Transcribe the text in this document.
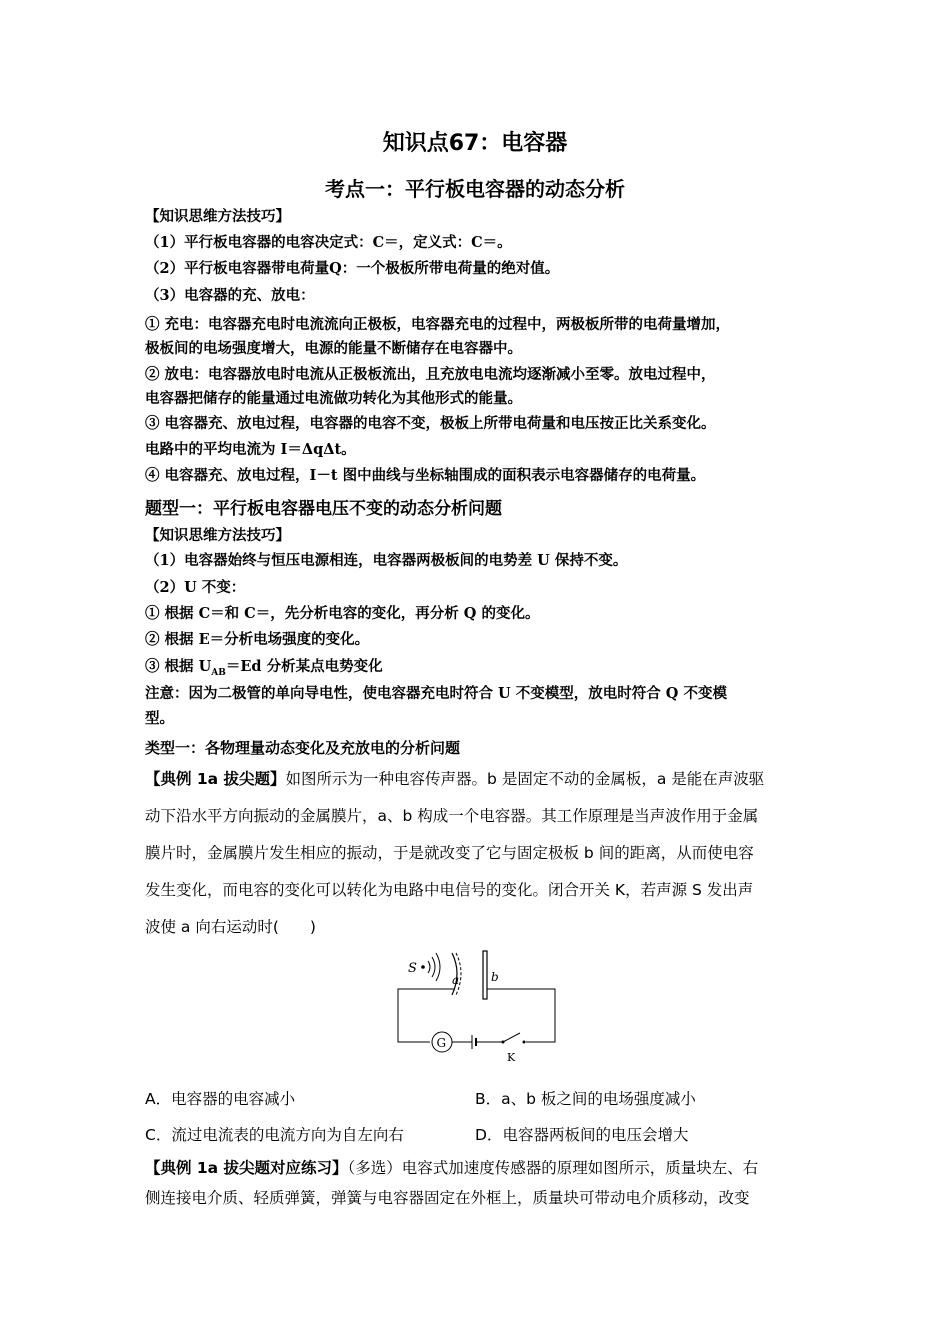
知识点67：电容器
考点一：平行板电容器的动态分析
【知识思维方法技巧】
（1）平行板电容器的电容决定式：C＝，定义式：C＝。
（2）平行板电容器带电荷量Q：一个极板所带电荷量的绝对值。
（3）电容器的充、放电：
① 充电：电容器充电时电流流向正极板，电容器充电的过程中，两极板所带的电荷量增加，
极板间的电场强度增大，电源的能量不断储存在电容器中。
② 放电：电容器放电时电流从正极板流出，且充放电电流均逐渐减小至零。放电过程中，
电容器把储存的能量通过电流做功转化为其他形式的能量。
③ 电容器充、放电过程，电容器的电容不变，极板上所带电荷量和电压按正比关系变化。
电路中的平均电流为 I＝ΔqΔt。
④ 电容器充、放电过程，I－t 图中曲线与坐标轴围成的面积表示电容器储存的电荷量。
题型一：平行板电容器电压不变的动态分析问题
【知识思维方法技巧】
（1）电容器始终与恒压电源相连，电容器两极板间的电势差 U 保持不变。
（2）U 不变：
① 根据 C＝和 C＝，先分析电容的变化，再分析 Q 的变化。
② 根据 E＝分析电场强度的变化。
③ 根据 $U_{AB}=Ed$ 分析某点电势变化
注意：因为二极管的单向导电性，使电容器充电时符合 U 不变模型，放电时符合 Q 不变模
型。
类型一：各物理量动态变化及充放电的分析问题
【典例 1a 拔尖题】如图所示为一种电容传声器。b 是固定不动的金属板，a 是能在声波驱
动下沿水平方向振动的金属膜片，a、b 构成一个电容器。其工作原理是当声波作用于金属
膜片时，金属膜片发生相应的振动，于是就改变了它与固定极板 b 间的距离，从而使电容
发生变化，而电容的变化可以转化为电路中电信号的变化。闭合开关 K，若声源 S 发出声
波使 a 向右运动时(　　)
S
a	b
G
K
A．电容器的电容减小	B．a、b 板之间的电场强度减小
C．流过电流表的电流方向为自左向右	D．电容器两板间的电压会增大
【典例 1a 拔尖题对应练习】（多选）电容式加速度传感器的原理如图所示，质量块左、右
侧连接电介质、轻质弹簧，弹簧与电容器固定在外框上，质量块可带动电介质移动，改变
